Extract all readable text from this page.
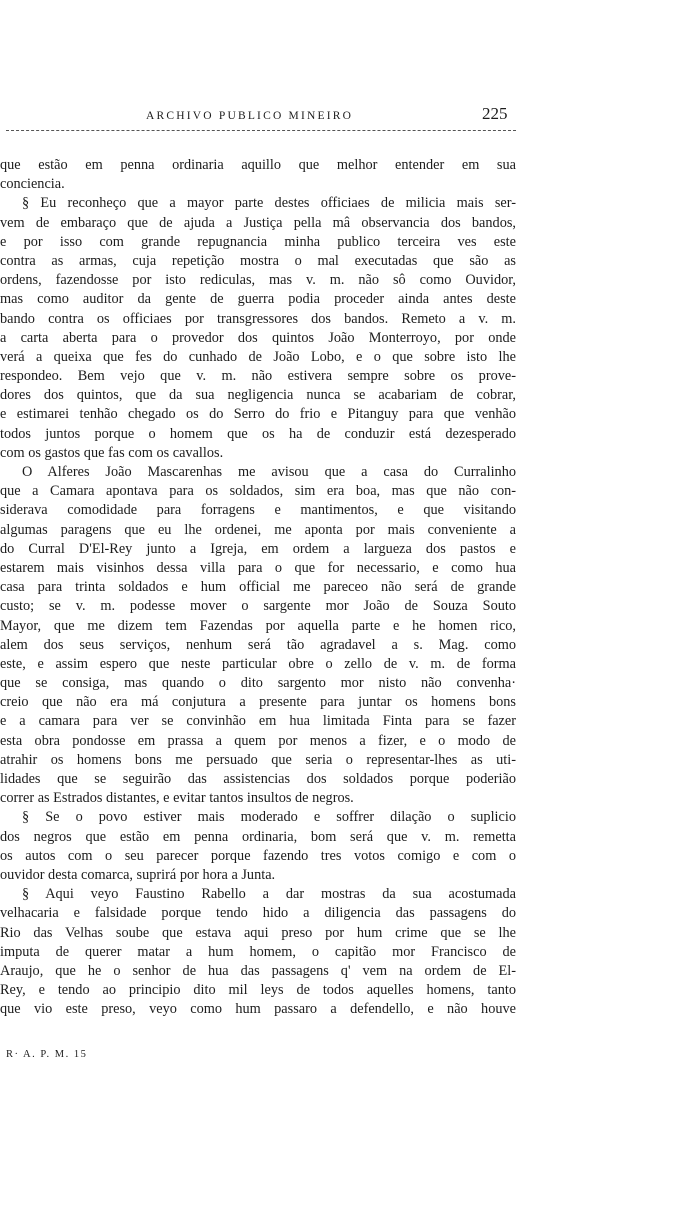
ARCHIVO PUBLICO MINEIRO	225
que estão em penna ordinaria aquillo que melhor entender em sua
conciencia.
§ Eu reconheço que a mayor parte destes officiaes de milicia mais ser-
vem de embaraço que de ajuda a Justiça pella mâ observancia dos bandos,
e por isso com grande repugnancia minha publico terceira ves este
contra as armas, cuja repetição mostra o mal executadas que são as
ordens, fazendosse por isto rediculas, mas v. m. não sô como Ouvidor,
mas como auditor da gente de guerra podia proceder ainda antes deste
bando contra os officiaes por transgressores dos bandos. Remeto a v. m.
a carta aberta para o provedor dos quintos João Monterroyo, por onde
verá a queixa que fes do cunhado de João Lobo, e o que sobre isto lhe
respondeo. Bem vejo que v. m. não estivera sempre sobre os prove-
dores dos quintos, que da sua negligencia nunca se acabariam de cobrar,
e estimarei tenhão chegado os do Serro do frio e Pitanguy para que venhão
todos juntos porque o homem que os ha de conduzir está dezesperado
com os gastos que fas com os cavallos.
O Alferes João Mascarenhas me avisou que a casa do Curralinho
que a Camara apontava para os soldados, sim era boa, mas que não con-
siderava comodidade para forragens e mantimentos, e que visitando
algumas paragens que eu lhe ordenei, me aponta por mais conveniente a
do Curral D'El-Rey junto a Igreja, em ordem a largueza dos pastos e
estarem mais visinhos dessa villa para o que for necessario, e como hua
casa para trinta soldados e hum official me pareceo não será de grande
custo; se v. m. podesse mover o sargente mor João de Souza Souto
Mayor, que me dizem tem Fazendas por aquella parte e he homen rico,
alem dos seus serviços, nenhum será tão agradavel a s. Mag. como
este, e assim espero que neste particular obre o zello de v. m. de forma
que se consiga, mas quando o dito sargento mor nisto não convenha·
creio que não era má conjutura a presente para juntar os homens bons
e a camara para ver se convinhão em hua limitada Finta para se fazer
esta obra pondosse em prassa a quem por menos a fizer, e o modo de
atrahir os homens bons me persuado que seria o representar-lhes as uti-
lidades que se seguirão das assistencias dos soldados porque poderião
correr as Estrados distantes, e evitar tantos insultos de negros.
§ Se o povo estiver mais moderado e soffrer dilação o suplicio
dos negros que estão em penna ordinaria, bom será que v. m. remetta
os autos com o seu parecer porque fazendo tres votos comigo e com o
ouvidor desta comarca, suprirá por hora a Junta.
§ Aqui veyo Faustino Rabello a dar mostras da sua acostumada
velhacaria e falsidade porque tendo hido a diligencia das passagens do
Rio das Velhas soube que estava aqui preso por hum crime que se lhe
imputa de querer matar a hum homem, o capitão mor Francisco de
Araujo, que he o senhor de hua das passagens q' vem na ordem de El-
Rey, e tendo ao principio dito mil leys de todos aquelles homens, tanto
que vio este preso, veyo como hum passaro a defendello, e não houve
R· A. P. M. 15
